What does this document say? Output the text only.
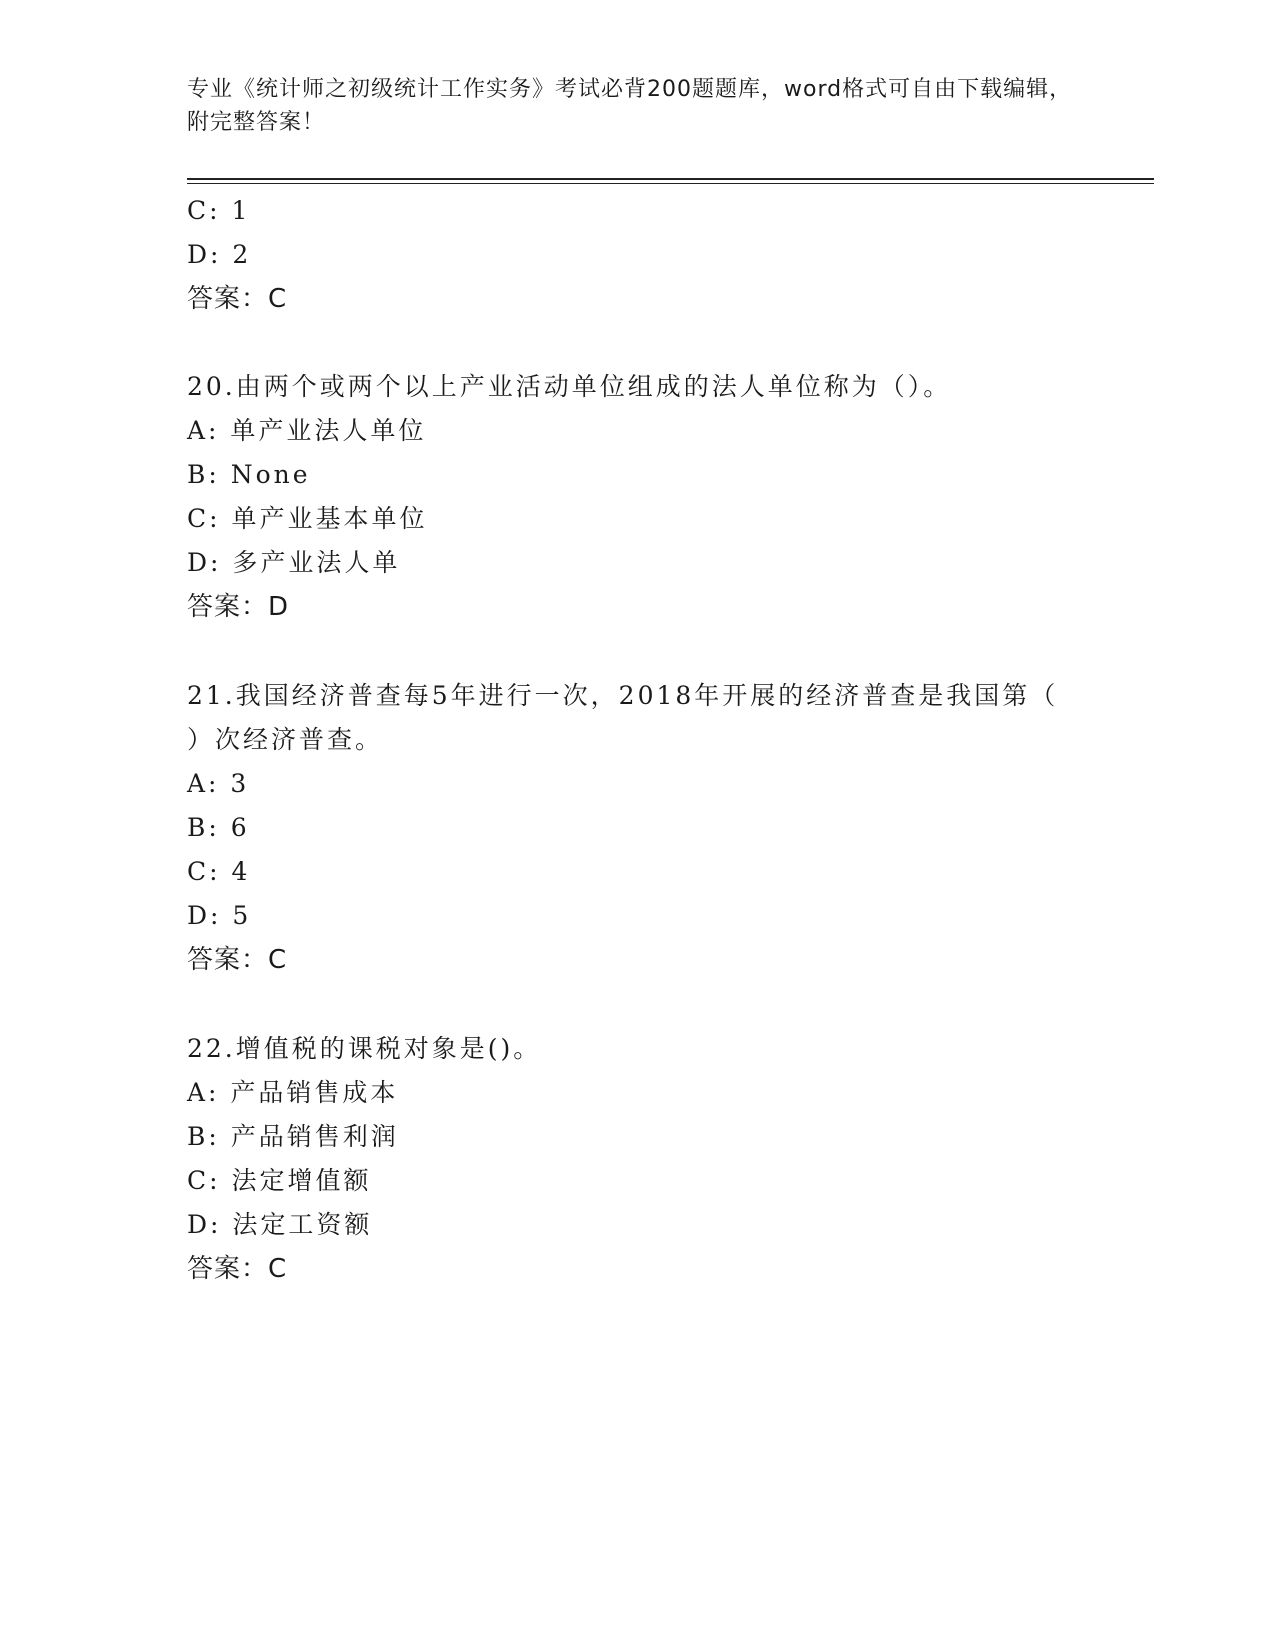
专业《统计师之初级统计工作实务》考试必背200题题库，word格式可自由下载编辑，附完整答案！
C: 1
D: 2
答案：C
20.由两个或两个以上产业活动单位组成的法人单位称为（）。
A: 单产业法人单位
B: None
C: 单产业基本单位
D: 多产业法人单
答案：D
21.我国经济普查每5年进行一次，2018年开展的经济普查是我国第（
）次经济普查。
A: 3
B: 6
C: 4
D: 5
答案：C
22.增值税的课税对象是()。
A: 产品销售成本
B: 产品销售利润
C: 法定增值额
D: 法定工资额
答案：C
